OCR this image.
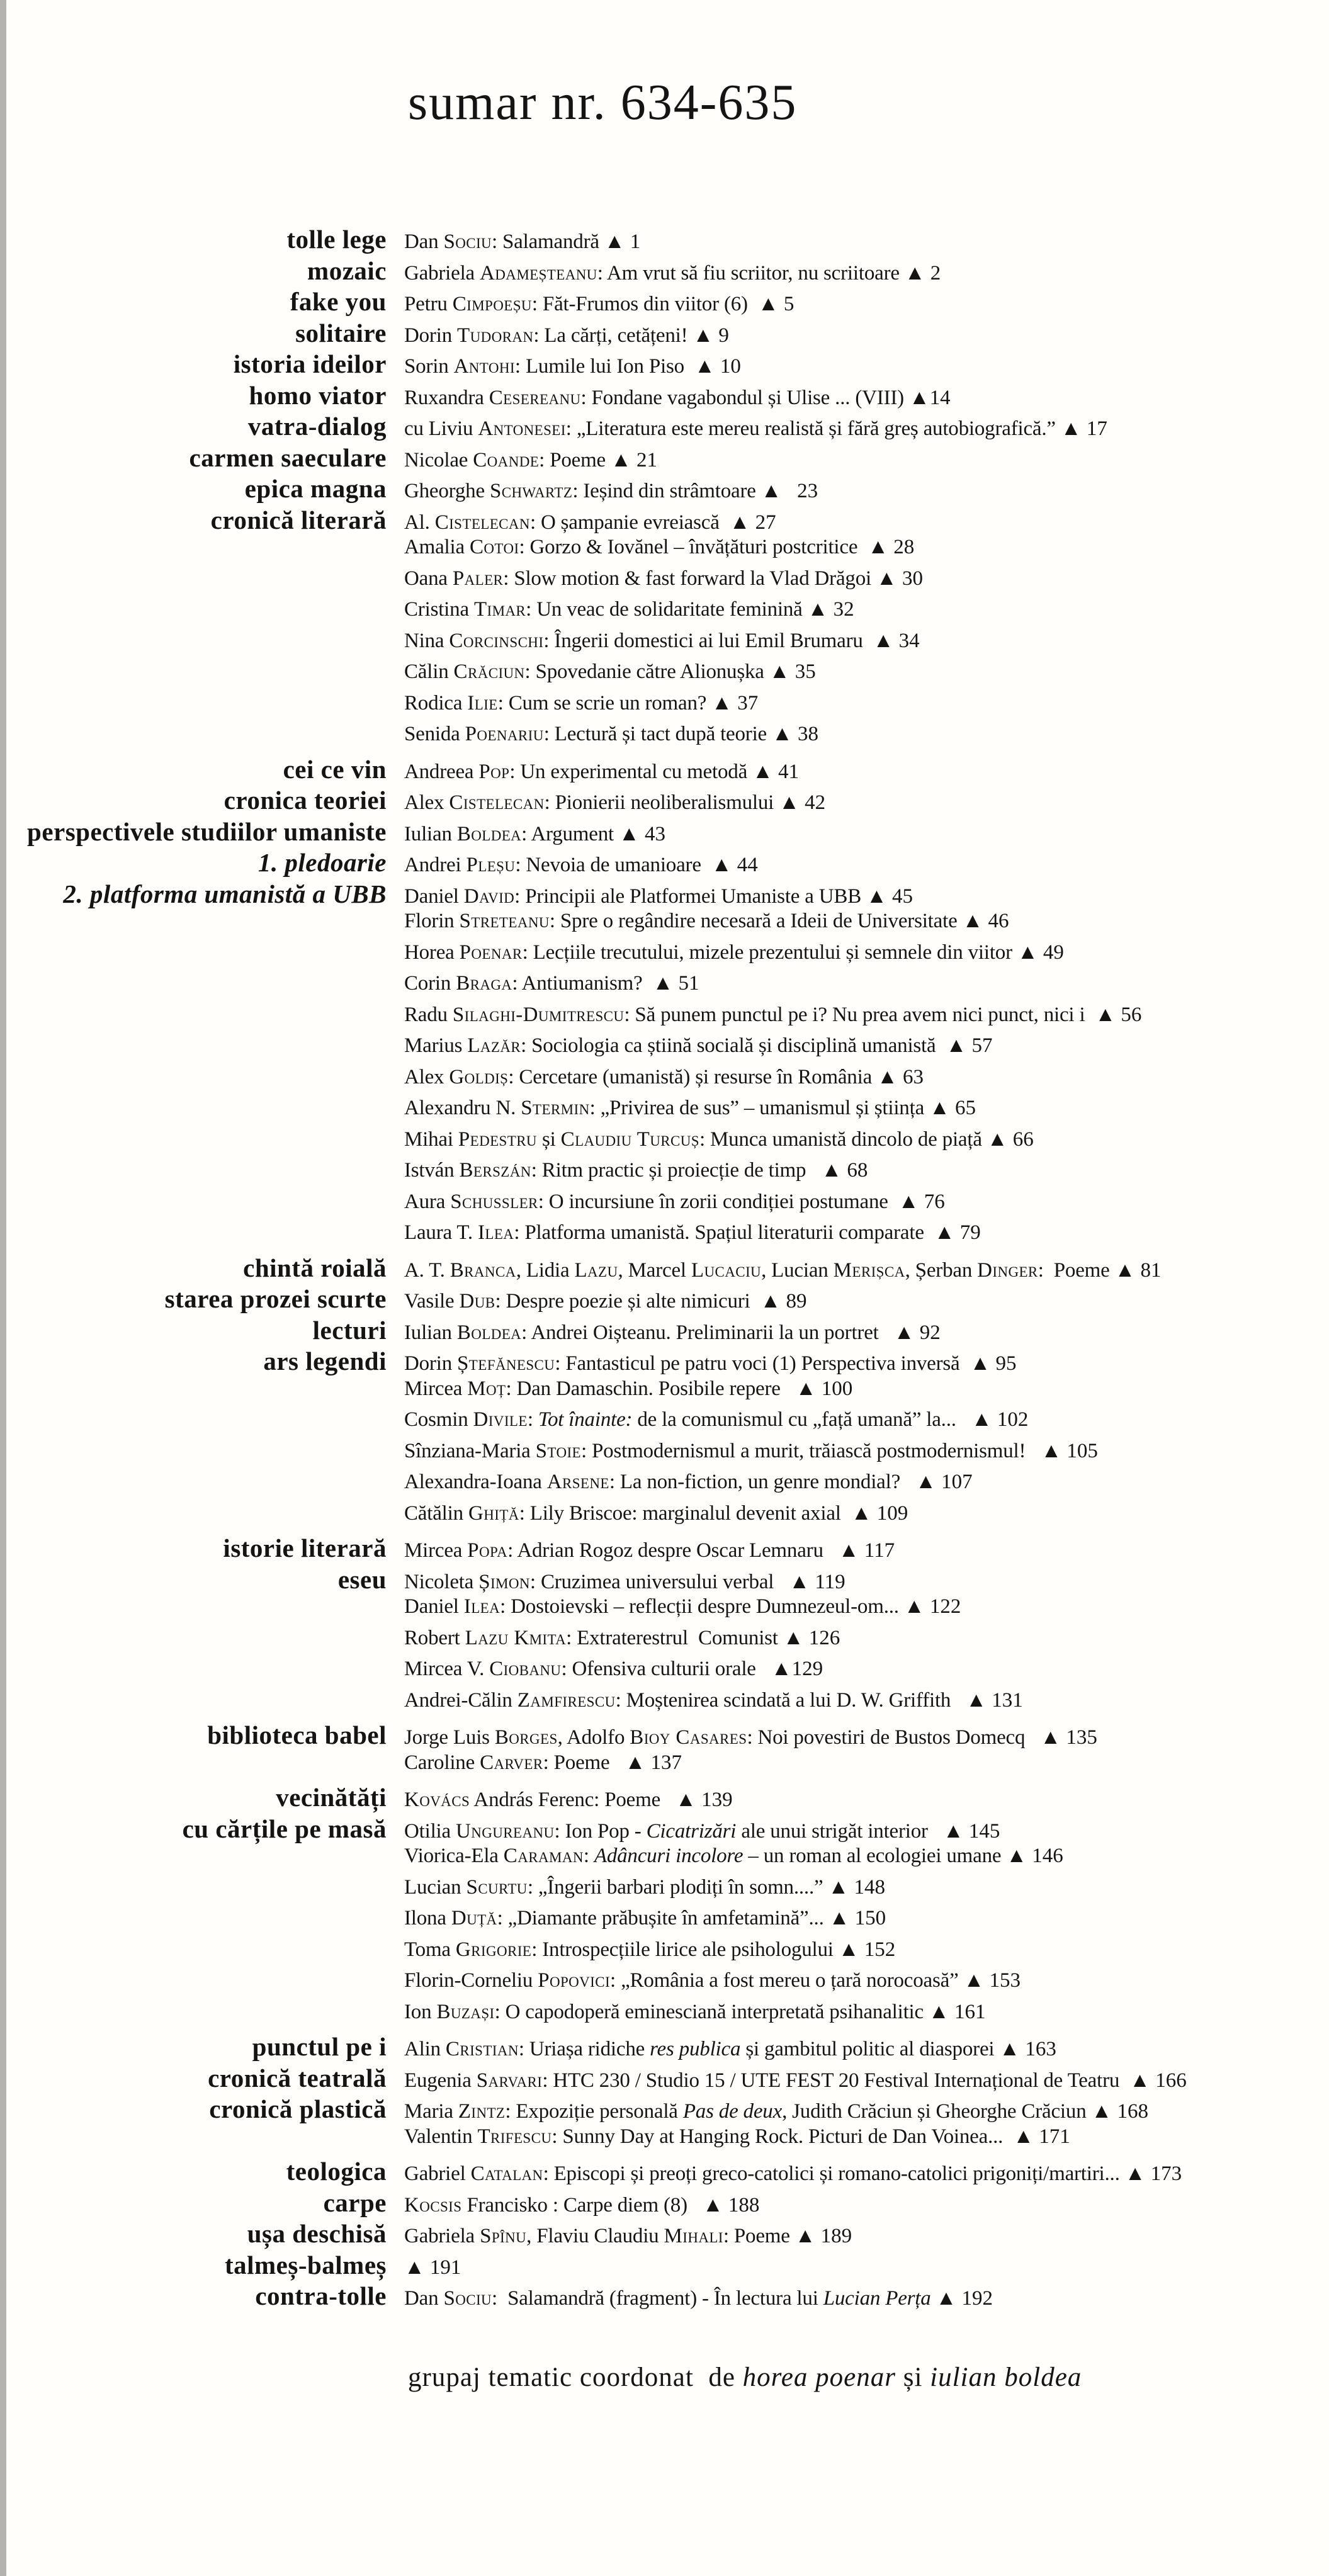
sumar nr. 634-635
tolle lege Dan Sociu: Salamandră ▲ 1
mozaic Gabriela Adameșteanu: Am vrut să fiu scriitor, nu scriitoare ▲ 2
fake you Petru Cimpoeșu: Făt-Frumos din viitor (6)  ▲ 5
solitaire Dorin Tudoran: La cărți, cetățeni! ▲ 9
istoria ideilor Sorin Antohi: Lumile lui Ion Piso  ▲ 10
homo viator Ruxandra Cesereanu: Fondane vagabondul și Ulise ... (VIII) ▲14
vatra-dialog cu Liviu Antonesei: „Literatura este mereu realistă și fără greș autobiografică.” ▲ 17
carmen saeculare Nicolae Coande: Poeme ▲ 21
epica magna Gheorghe Schwartz: Ieșind din strâmtoare ▲   23
cronică literară Al. Cistelecan: O șampanie evreiască  ▲ 27
Amalia Cotoi: Gorzo & Iovănel – învățături postcritice  ▲ 28
Oana Paler: Slow motion & fast forward la Vlad Drăgoi ▲ 30
Cristina Timar: Un veac de solidaritate feminină ▲ 32
Nina Corcinschi: Îngerii domestici ai lui Emil Brumaru  ▲ 34
Călin Crăciun: Spovedanie către Alionușka ▲ 35
Rodica Ilie: Cum se scrie un roman? ▲ 37
Senida Poenariu: Lectură și tact după teorie ▲ 38
cei ce vin Andreea Pop: Un experimental cu metodă ▲ 41
cronica teoriei Alex Cistelecan: Pionierii neoliberalismului ▲ 42
perspectivele studiilor umaniste Iulian Boldea: Argument ▲ 43
1. pledoarie Andrei Pleșu: Nevoia de umanioare  ▲ 44
2. platforma umanistă a UBB Daniel David: Principii ale Platformei Umaniste a UBB ▲ 45
Florin Streteanu: Spre o regândire necesară a Ideii de Universitate ▲ 46
Horea Poenar: Lecțiile trecutului, mizele prezentului și semnele din viitor ▲ 49
Corin Braga: Antiumanism?  ▲ 51
Radu Silaghi-Dumitrescu: Să punem punctul pe i? Nu prea avem nici punct, nici i  ▲ 56
Marius Lazăr: Sociologia ca știină socială și disciplină umanistă  ▲ 57
Alex Goldiș: Cercetare (umanistă) și resurse în România ▲ 63
Alexandru N. Stermin: „Privirea de sus” – umanismul și știința ▲ 65
Mihai Pedestru și Claudiu Turcuș: Munca umanistă dincolo de piață ▲ 66
István Berszán: Ritm practic și proiecție de timp   ▲ 68
Aura Schussler: O incursiune în zorii condiției postumane  ▲ 76
Laura T. Ilea: Platforma umanistă. Spațiul literaturii comparate  ▲ 79
chintă roială A. T. Branca, Lidia Lazu, Marcel Lucaciu, Lucian Merișca, Șerban Dinger:  Poeme ▲ 81
starea prozei scurte Vasile Dub: Despre poezie și alte nimicuri  ▲ 89
lecturi Iulian Boldea: Andrei Oișteanu. Preliminarii la un portret   ▲ 92
ars legendi Dorin Ștefănescu: Fantasticul pe patru voci (1) Perspectiva inversă  ▲ 95
Mircea Moț: Dan Damaschin. Posibile repere   ▲ 100
Cosmin Divile: Tot înainte: de la comunismul cu „față umană” la...   ▲ 102
Sînziana-Maria Stoie: Postmodernismul a murit, trăiască postmodernismul!   ▲ 105
Alexandra-Ioana Arsene: La non-fiction, un genre mondial?   ▲ 107
Cătălin Ghiță: Lily Briscoe: marginalul devenit axial  ▲ 109
istorie literară Mircea Popa: Adrian Rogoz despre Oscar Lemnaru   ▲ 117
eseu Nicoleta Șimon: Cruzimea universului verbal   ▲ 119
Daniel Ilea: Dostoievski – reflecții despre Dumnezeul-om... ▲ 122
Robert Lazu Kmita: Extraterestrul  Comunist ▲ 126
Mircea V. Ciobanu: Ofensiva culturii orale   ▲129
Andrei-Călin Zamfirescu: Moștenirea scindată a lui D. W. Griffith   ▲ 131
biblioteca babel Jorge Luis Borges, Adolfo Bioy Casares: Noi povestiri de Bustos Domecq   ▲ 135
Caroline Carver: Poeme   ▲ 137
vecinătăți Kovács András Ferenc: Poeme   ▲ 139
cu cărțile pe masă Otilia Ungureanu: Ion Pop - Cicatrizări ale unui strigăt interior   ▲ 145
Viorica-Ela Caraman: Adâncuri incolore – un roman al ecologiei umane ▲ 146
Lucian Scurtu: „Îngerii barbari plodiți în somn....” ▲ 148
Ilona Duță: „Diamante prăbușite în amfetamină”... ▲ 150
Toma Grigorie: Introspecțiile lirice ale psihologului ▲ 152
Florin-Corneliu Popovici: „România a fost mereu o țară norocoasă” ▲ 153
Ion Buzași: O capodoperă eminesciană interpretată psihanalitic ▲ 161
punctul pe i Alin Cristian: Uriașa ridiche res publica și gambitul politic al diasporei ▲ 163
cronică teatrală Eugenia Sarvari: HTC 230 / Studio 15 / UTE FEST 20 Festival Internațional de Teatru  ▲ 166
cronică plastică Maria Zintz: Expoziție personală Pas de deux, Judith Crăciun și Gheorghe Crăciun ▲ 168
Valentin Trifescu: Sunny Day at Hanging Rock. Picturi de Dan Voinea...  ▲ 171
teologica Gabriel Catalan: Episcopi și preoți greco-catolici și romano-catolici prigoniți/martiri... ▲ 173
carpe Kocsis Francisko : Carpe diem (8)   ▲ 188
ușa deschisă Gabriela Spînu, Flaviu Claudiu Mihali: Poeme ▲ 189
talmeș-balmeș ▲ 191
contra-tolle Dan Sociu:  Salamandră (fragment) - În lectura lui Lucian Perța ▲ 192
grupaj tematic coordonat  de horea poenar și iulian boldea
